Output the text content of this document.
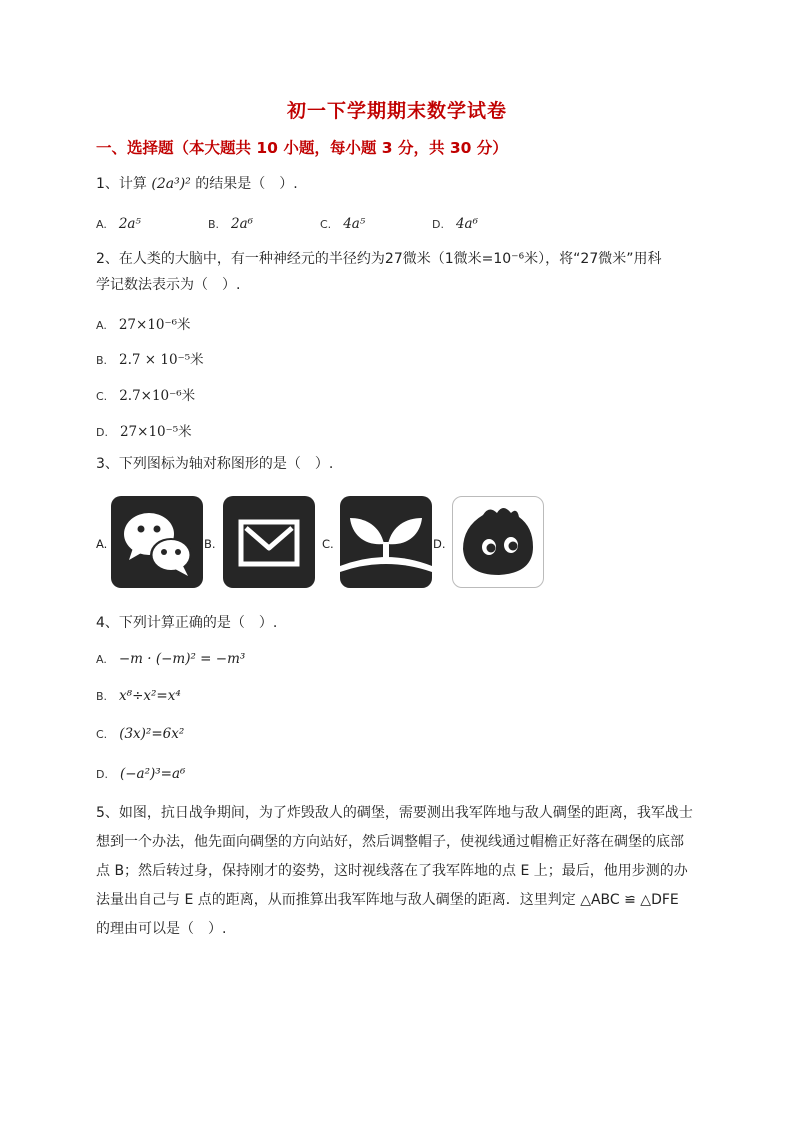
初一下学期期末数学试卷
一、选择题（本大题共 10 小题，每小题 3 分，共 30 分）
1、计算 (2a³)² 的结果是（　）.
A. 2a⁵	B. 2a⁶	C. 4a⁵	D. 4a⁶
2、在人类的大脑中，有一种神经元的半径约为27微米（1微米=10⁻⁶米），将“27微米”用科
学记数法表示为（　）.
A. 27×10⁻⁶米
B. 2.7 × 10⁻⁵米
C. 2.7×10⁻⁶米
D. 27×10⁻⁵米
3、下列图标为轴对称图形的是（　）.
A.	B.	C.	D.
4、下列计算正确的是（　）.
A. −m · (−m)² = −m³
B. x⁸÷x²=x⁴
C. (3x)²=6x²
D. (−a²)³=a⁶
5、如图，抗日战争期间，为了炸毁敌人的碉堡，需要测出我军阵地与敌人碉堡的距离，我军战士
想到一个办法，他先面向碉堡的方向站好，然后调整帽子，使视线通过帽檐正好落在碉堡的底部
点 B；然后转过身，保持刚才的姿势，这时视线落在了我军阵地的点 E 上；最后，他用步测的办
法量出自己与 E 点的距离，从而推算出我军阵地与敌人碉堡的距离．这里判定 △ABC ≌ △DFE
的理由可以是（　）.
